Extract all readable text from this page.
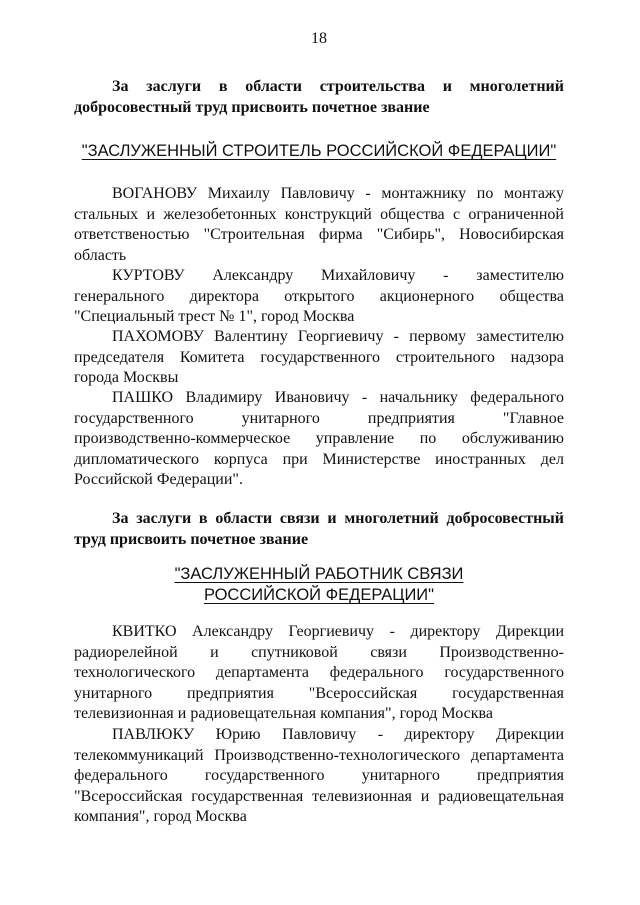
18
За заслуги в области строительства и многолетний
добросовестный труд присвоить почетное звание
"ЗАСЛУЖЕННЫЙ СТРОИТЕЛЬ РОССИЙСКОЙ ФЕДЕРАЦИИ"
ВОГАНОВУ Михаилу Павловичу - монтажнику по монтажу
стальных и железобетонных конструкций общества с ограниченной
ответственостью "Строительная фирма "Сибирь", Новосибирская
область
КУРТОВУ Александру Михайловичу - заместителю
генерального директора открытого акционерного общества
"Специальный трест № 1", город Москва
ПАХОМОВУ Валентину Георгиевичу - первому заместителю
председателя Комитета государственного строительного надзора
города Москвы
ПАШКО Владимиру Ивановичу - начальнику федерального
государственного унитарного предприятия "Главное
производственно-коммерческое управление по обслуживанию
дипломатического корпуса при Министерстве иностранных дел
Российской Федерации".
За заслуги в области связи и многолетний добросовестный
труд присвоить почетное звание
"ЗАСЛУЖЕННЫЙ РАБОТНИК СВЯЗИ
РОССИЙСКОЙ ФЕДЕРАЦИИ"
КВИТКО Александру Георгиевичу - директору Дирекции
радиорелейной и спутниковой связи Производственно-
технологического департамента федерального государственного
унитарного предприятия "Всероссийская государственная
телевизионная и радиовещательная компания", город Москва
ПАВЛЮКУ Юрию Павловичу - директору Дирекции
телекоммуникаций Производственно-технологического департамента
федерального государственного унитарного предприятия
"Всероссийская государственная телевизионная и радиовещательная
компания", город Москва
